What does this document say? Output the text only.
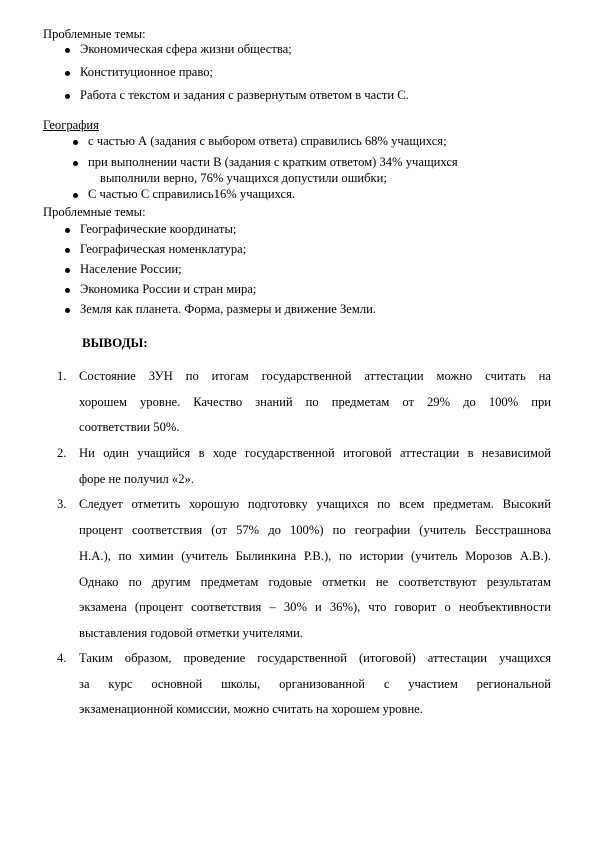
Проблемные темы:
Экономическая сфера жизни общества;
Конституционное право;
Работа с текстом и задания с развернутым ответом в части С.
География
с частью А (задания с выбором ответа) справились 68% учащихся;
при выполнении части В (задания с кратким ответом) 34% учащихся
выполнили верно, 76% учащихся допустили ошибки;
С частью С справились16% учащихся.
Проблемные темы:
Географические координаты;
Географическая номенклатура;
Население России;
Экономика России и стран мира;
Земля как планета. Форма, размеры и движение Земли.
ВЫВОДЫ:
1. Состояние ЗУН по итогам государственной аттестации можно считать на
хорошем уровне. Качество знаний по предметам от 29% до 100% при
соответствии 50%.
2. Ни один учащийся в ходе государственной итоговой аттестации в независимой
форе не получил «2».
3. Следует отметить хорошую подготовку учащихся по всем предметам. Высокий
процент соответствия (от 57% до 100%) по географии (учитель Бесстрашнова
Н.А.), по химии (учитель Былинкина Р.В.), по истории (учитель Морозов А.В.).
Однако по другим предметам годовые отметки не соответствуют результатам
экзамена (процент соответствия – 30% и 36%), что говорит о необъективности
выставления годовой отметки учителями.
4. Таким образом, проведение государственной (итоговой) аттестации учащихся
за курс основной школы, организованной с участием региональной
экзаменационной комиссии, можно считать на хорошем уровне.
